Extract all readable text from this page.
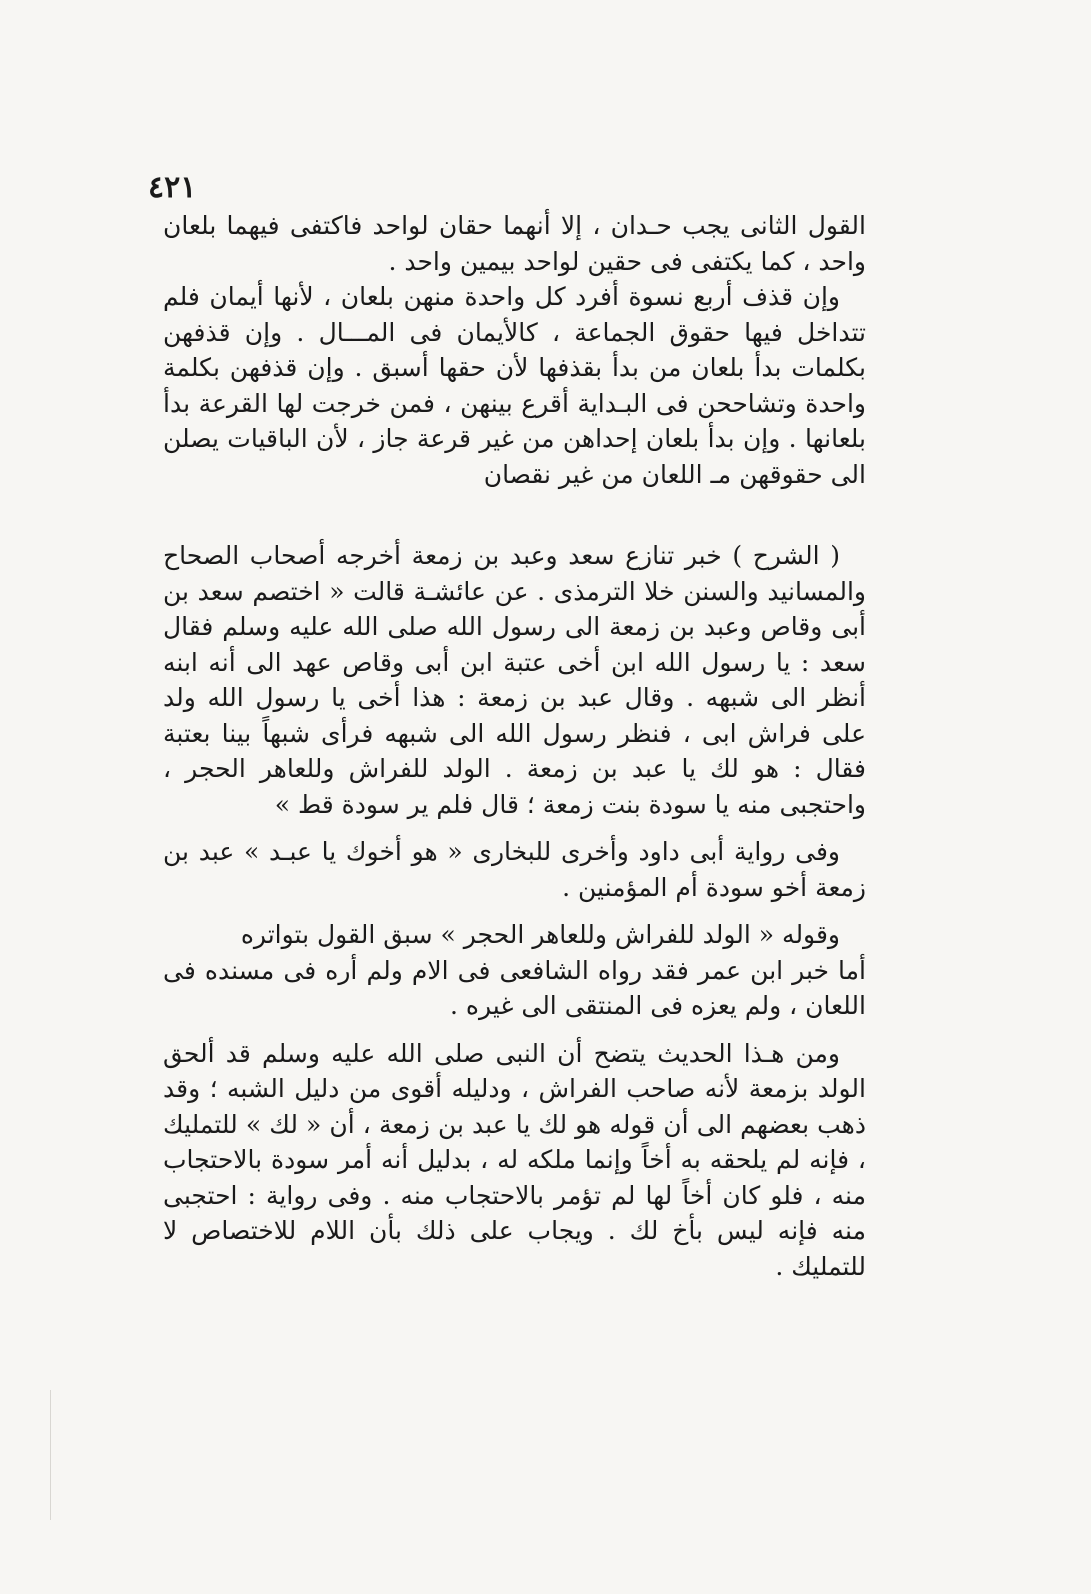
٤٢١

القول الثانى يجب حـدان ، إلا أنهما حقان لواحد فاكتفى فيهما بلعان واحد ، كما يكتفى فى حقين لواحد بيمين واحد .

وإن قذف أربع نسوة أفرد كل واحدة منهن بلعان ، لأنها أيمان فلم تتداخل فيها حقوق الجماعة ، كالأيمان فى المـــال . وإن قذفهن بكلمات بدأ بلعان من بدأ بقذفها لأن حقها أسبق . وإن قذفهن بكلمة واحدة وتشاححن فى البـداية أقرع بينهن ، فمن خرجت لها القرعة بدأ بلعانها . وإن بدأ بلعان إحداهن من غير قرعة جاز ، لأن الباقيات يصلن الى حقوقهن مـ اللعان من غير نقصان

( الشرح ) خبر تنازع سعد وعبد بن زمعة أخرجه أصحاب الصحاح والمسانيد والسنن خلا الترمذى . عن عائشـة قالت « اختصم سعد بن أبى وقاص وعبد بن زمعة الى رسول الله صلى الله عليه وسلم فقال سعد : يا رسول الله ابن أخى عتبة ابن أبى وقاص عهد الى أنه ابنه أنظر الى شبهه . وقال عبد بن زمعة : هذا أخى يا رسول الله ولد على فراش ابى ، فنظر رسول الله الى شبهه فرأى شبهاً بينا بعتبة فقال : هو لك يا عبد بن زمعة . الولد للفراش وللعاهر الحجر ، واحتجبى منه يا سودة بنت زمعة ؛ قال فلم ير سودة قط »

وفى رواية أبى داود وأخرى للبخارى « هو أخوك يا عبـد » عبد بن زمعة أخو سودة أم المؤمنين .

وقوله « الولد للفراش وللعاهر الحجر » سبق القول بتواتره

أما خبر ابن عمر فقد رواه الشافعى فى الام ولم أره فى مسنده فى اللعان ، ولم يعزه فى المنتقى الى غيره .

ومن هـذا الحديث يتضح أن النبى صلى الله عليه وسلم قد ألحق الولد بزمعة لأنه صاحب الفراش ، ودليله أقوى من دليل الشبه ؛ وقد ذهب بعضهم الى أن قوله هو لك يا عبد بن زمعة ، أن « لك » للتمليك ، فإنه لم يلحقه به أخاً وإنما ملكه له ، بدليل أنه أمر سودة بالاحتجاب منه ، فلو كان أخاً لها لم تؤمر بالاحتجاب منه . وفى رواية : احتجبى منه فإنه ليس بأخ لك . ويجاب على ذلك بأن اللام للاختصاص لا للتمليك .
